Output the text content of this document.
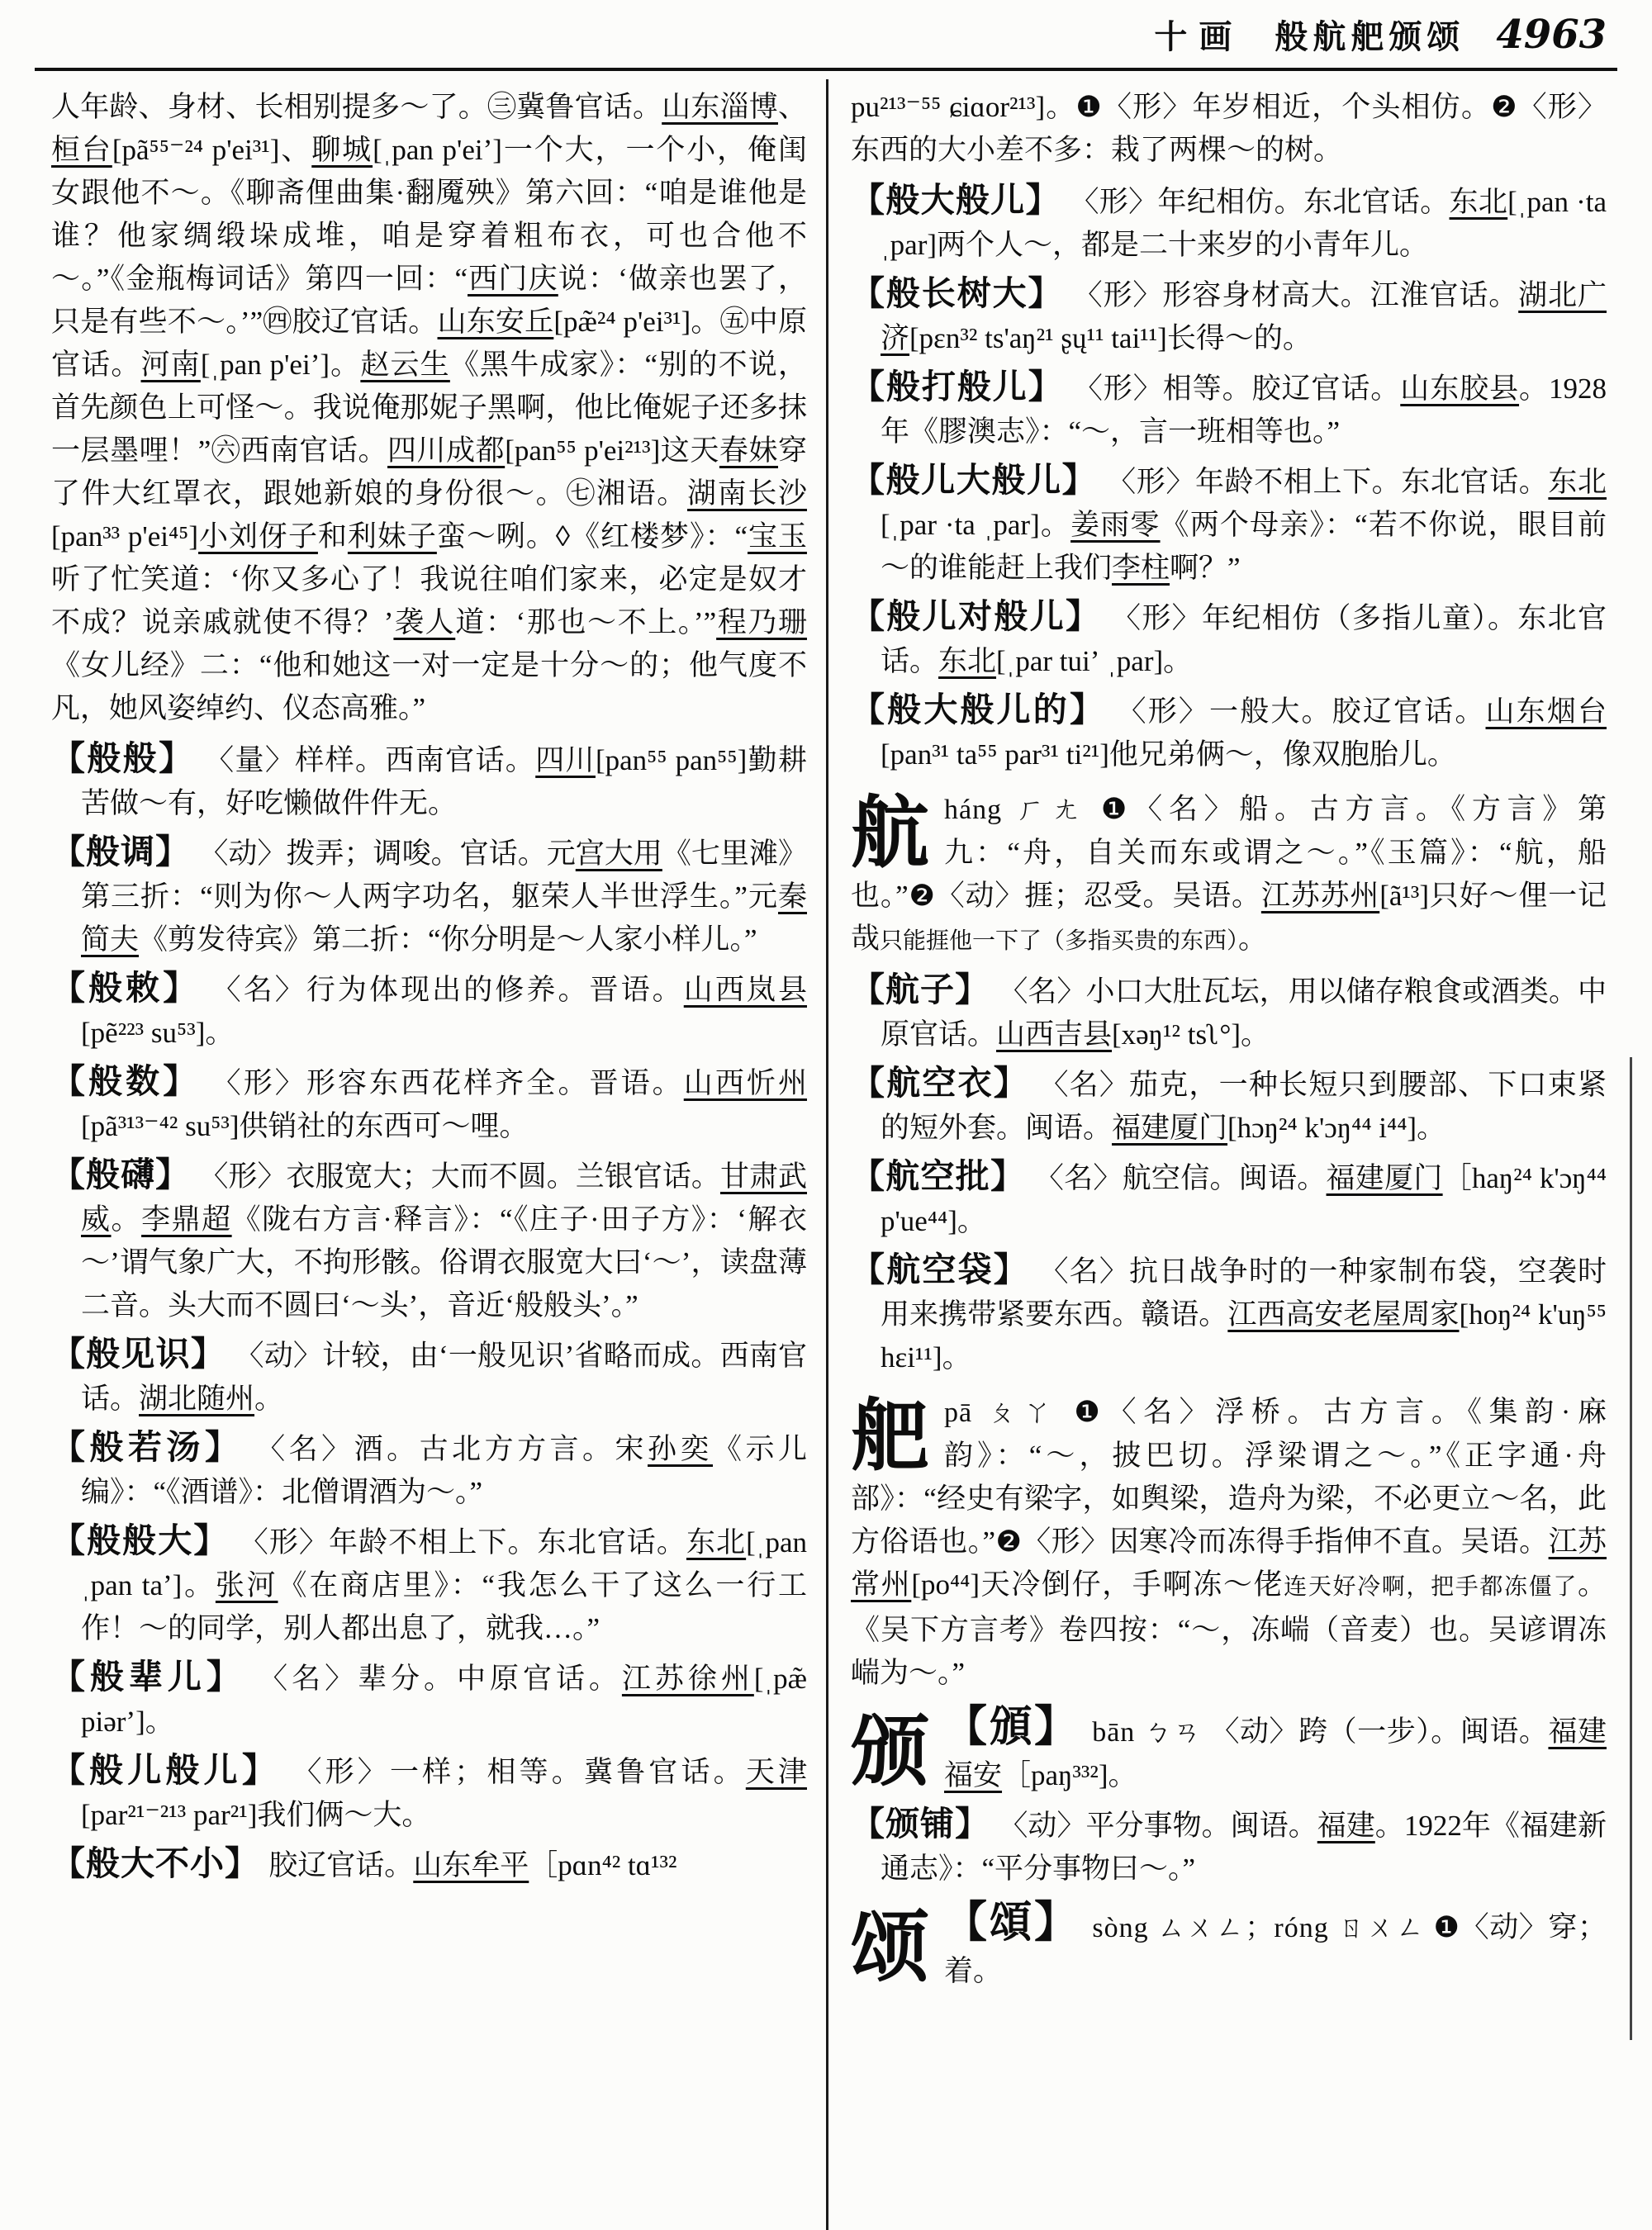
十画 般航舥颁颂 4963

人年龄、身材、长相别提多～了。㊂冀鲁官话。山东淄博、桓台[pã⁵⁵⁻²⁴ p'ei³¹]、聊城[ˌpan p'eiʼ]一个大，一个小，俺闺女跟他不～。《聊斋俚曲集·翻魇殃》第六回：“咱是谁他是谁？他家绸缎垛成堆，咱是穿着粗布衣，可也合他不～。”《金瓶梅词话》第四一回：“西门庆说：‘做亲也罢了，只是有些不～。’”㊃胶辽官话。山东安丘[pæ̃²⁴ p'ei³¹]。㊄中原官话。河南[ˌpan p'eiʼ]。赵云生《黑牛成家》：“别的不说，首先颜色上可怪～。我说俺那妮子黑啊，他比俺妮子还多抹一层墨哩！”㊅西南官话。四川成都[pan⁵⁵ p'ei²¹³]这天春妹穿了件大红罩衣，跟她新娘的身份很～。㊆湘语。湖南长沙[pan³³ p'ei⁴⁵]小刘伢子和利妹子蛮～咧。◊《红楼梦》：“宝玉听了忙笑道：‘你又多心了！我说往咱们家来，必定是奴才不成？说亲戚就使不得？’袭人道：‘那也～不上。’”程乃珊《女儿经》二：“他和她这一对一定是十分～的；他气度不凡，她风姿绰约、仪态高雅。”

【般般】 〈量〉样样。西南官话。四川[pan⁵⁵ pan⁵⁵]勤耕苦做～有，好吃懒做件件无。

【般调】 〈动〉拨弄；调唆。官话。元宫大用《七里滩》第三折：“则为你～人两字功名，躯荣人半世浮生。”元秦简夫《剪发待宾》第二折：“你分明是～人家小样儿。”

【般敕】 〈名〉行为体现出的修养。晋语。山西岚县[pẽ²²³ su⁵³]。

【般数】 〈形〉形容东西花样齐全。晋语。山西忻州[pã³¹³⁻⁴² su⁵³]供销社的东西可～哩。

【般礴】 〈形〉衣服宽大；大而不圆。兰银官话。甘肃武威。李鼎超《陇右方言·释言》：“《庄子·田子方》：‘解衣～’谓气象广大，不拘形骸。俗谓衣服宽大曰‘～’，读盘薄二音。头大而不圆曰‘～头’，音近‘般般头’。”

【般见识】 〈动〉计较，由‘一般见识’省略而成。西南官话。湖北随州。

【般若汤】 〈名〉酒。古北方方言。宋孙奕《示儿编》：“《酒谱》：北僧谓酒为～。”

【般般大】 〈形〉年龄不相上下。东北官话。东北[ˌpan ˌpan taʼ]。张河《在商店里》：“我怎么干了这么一行工作！～的同学，别人都出息了，就我…。”

【般辈儿】 〈名〉辈分。中原官话。江苏徐州[ˌpæ̃ piərʼ]。

【般儿般儿】 〈形〉一样；相等。冀鲁官话。天津[par²¹⁻²¹³ par²¹]我们俩～大。

【般大不小】 胶辽官话。山东牟平［pɑn⁴² tɑ¹³²

pu²¹³⁻⁵⁵ ɕiɑor²¹³]。❶〈形〉年岁相近，个头相仿。❷〈形〉东西的大小差不多：栽了两棵～的树。

【般大般儿】 〈形〉年纪相仿。东北官话。东北[ˌpan ·ta ˌpar]两个人～，都是二十来岁的小青年儿。

【般长树大】 〈形〉形容身材高大。江淮官话。湖北广济[pɛn³² ts'aŋ²¹ ʂų¹¹ tai¹¹]长得～的。

【般打般儿】 〈形〉相等。胶辽官话。山东胶县。1928年《膠澳志》：“～，言一班相等也。”

【般儿大般儿】 〈形〉年龄不相上下。东北官话。东北[ˌpar ·ta ˌpar]。姜雨零《两个母亲》：“若不你说，眼目前～的谁能赶上我们李柱啊？”

【般儿对般儿】 〈形〉年纪相仿（多指儿童）。东北官话。东北[ˌpar tuiʼ ˌpar]。

【般大般儿的】 〈形〉一般大。胶辽官话。山东烟台[pan³¹ ta⁵⁵ par³¹ ti²¹]他兄弟俩～，像双胞胎儿。

航 háng ㄏㄤ ❶〈名〉船。古方言。《方言》第九：“舟，自关而东或谓之～。”《玉篇》：“航，船也。”❷〈动〉捱；忍受。吴语。江苏苏州[ã¹³]只好～俚一记哉只能捱他一下了（多指买贵的东西）。

【航子】 〈名〉小口大肚瓦坛，用以储存粮食或酒类。中原官话。山西吉县[xəŋ¹² tsʅ°]。

【航空衣】 〈名〉茄克，一种长短只到腰部、下口束紧的短外套。闽语。福建厦门[hɔŋ²⁴ k'ɔŋ⁴⁴ i⁴⁴]。

【航空批】 〈名〉航空信。闽语。福建厦门［haŋ²⁴ k'ɔŋ⁴⁴ p'ue⁴⁴]。

【航空袋】 〈名〉抗日战争时的一种家制布袋，空袭时用来携带紧要东西。赣语。江西高安老屋周家[hoŋ²⁴ k'uŋ⁵⁵ hɛi¹¹]。

舥 pā ㄆㄚ ❶〈名〉浮桥。古方言。《集韵·麻韵》：“～，披巴切。浮梁谓之～。”《正字通·舟部》：“经史有梁字，如舆梁，造舟为梁，不必更立～名，此方俗语也。”❷〈形〉因寒冷而冻得手指伸不直。吴语。江苏常州[po⁴⁴]天冷倒仔，手啊冻～佬连天好冷啊，把手都冻僵了。《吴下方言考》卷四按：“～，冻㟨（音麦）也。吴谚谓冻㟨为～。”

颁 【頒】 bān ㄅㄢ 〈动〉跨（一步）。闽语。福建福安［paŋ³³²]。

【颁铺】 〈动〉平分事物。闽语。福建。1922年《福建新通志》：“平分事物曰～。”

颂 【頌】 sòng ㄙㄨㄥ；róng ㄖㄨㄥ ❶〈动〉穿；着。
